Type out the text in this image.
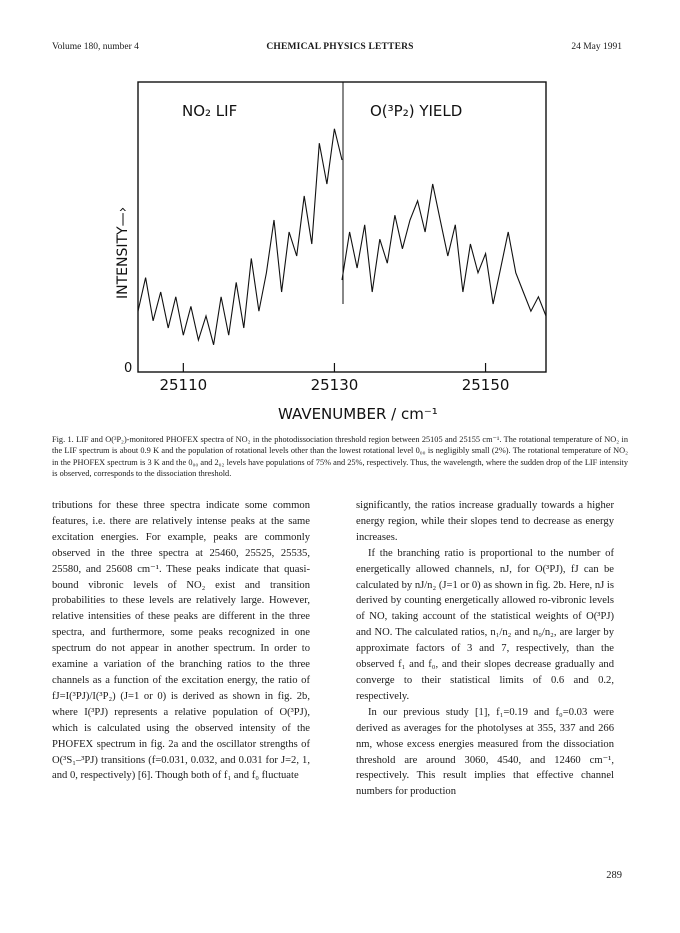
Volume 180, number 4	CHEMICAL PHYSICS LETTERS	24 May 1991
NO₂ LIF	O(³P₂) YIELD
INTENSITY—›
0
WAVENUMBER / cm⁻¹
25110	25130	25150
Fig. 1. LIF and O(³P₂)-monitored PHOFEX spectra of NO₂ in the photodissociation threshold region between 25105 and 25155 cm⁻¹. The rotational temperature of NO₂ in the LIF spectrum is about 0.9 K and the population of rotational levels other than the lowest rotational level 0₀₀ is negligibly small (2%). The rotational temperature of NO₂ in the PHOFEX spectrum is 3 K and the 0₀₀ and 2₀₂ levels have populations of 75% and 25%, respectively. Thus, the wavelength, where the sudden drop of the LIF intensity is observed, corresponds to the dissociation threshold.

tributions for these three spectra indicate some common features, i.e. there are relatively intense peaks at the same excitation energies. For example, peaks are commonly observed in the three spectra at 25460, 25525, 25535, 25580, and 25608 cm⁻¹. These peaks indicate that quasi-bound vibronic levels of NO₂ exist and transition probabilities to these levels are relatively large. However, relative intensities of these peaks are different in the three spectra, and furthermore, some peaks recognized in one spectrum do not appear in another spectrum. In order to examine a variation of the branching ratios to the three channels as a function of the excitation energy, the ratio of fJ=I(³PJ)/I(³P₂) (J=1 or 0) is derived as shown in fig. 2b, where I(³PJ) represents a relative population of O(³PJ), which is calculated using the observed intensity of the PHOFEX spectrum in fig. 2a and the oscillator strengths of O(³S₁–³PJ) transitions (f=0.031, 0.032, and 0.031 for J=2, 1, and 0, respectively) [6]. Though both of f₁ and f₀ fluctuate

significantly, the ratios increase gradually towards a higher energy region, while their slopes tend to decrease as energy increases.

If the branching ratio is proportional to the number of energetically allowed channels, nJ, for O(³PJ), fJ can be calculated by nJ/n₂ (J=1 or 0) as shown in fig. 2b. Here, nJ is derived by counting energetically allowed ro-vibronic levels of NO, taking account of the statistical weights of O(³PJ) and NO. The calculated ratios, n₁/n₂ and n₀/n₂, are larger by approximate factors of 3 and 7, respectively, than the observed f₁ and f₀, and their slopes decrease gradually and converge to their statistical limits of 0.6 and 0.2, respectively.

In our previous study [1], f₁=0.19 and f₀=0.03 were derived as averages for the photolyses at 355, 337 and 266 nm, whose excess energies measured from the dissociation threshold are around 3060, 4540, and 12460 cm⁻¹, respectively. This result implies that effective channel numbers for production

289
